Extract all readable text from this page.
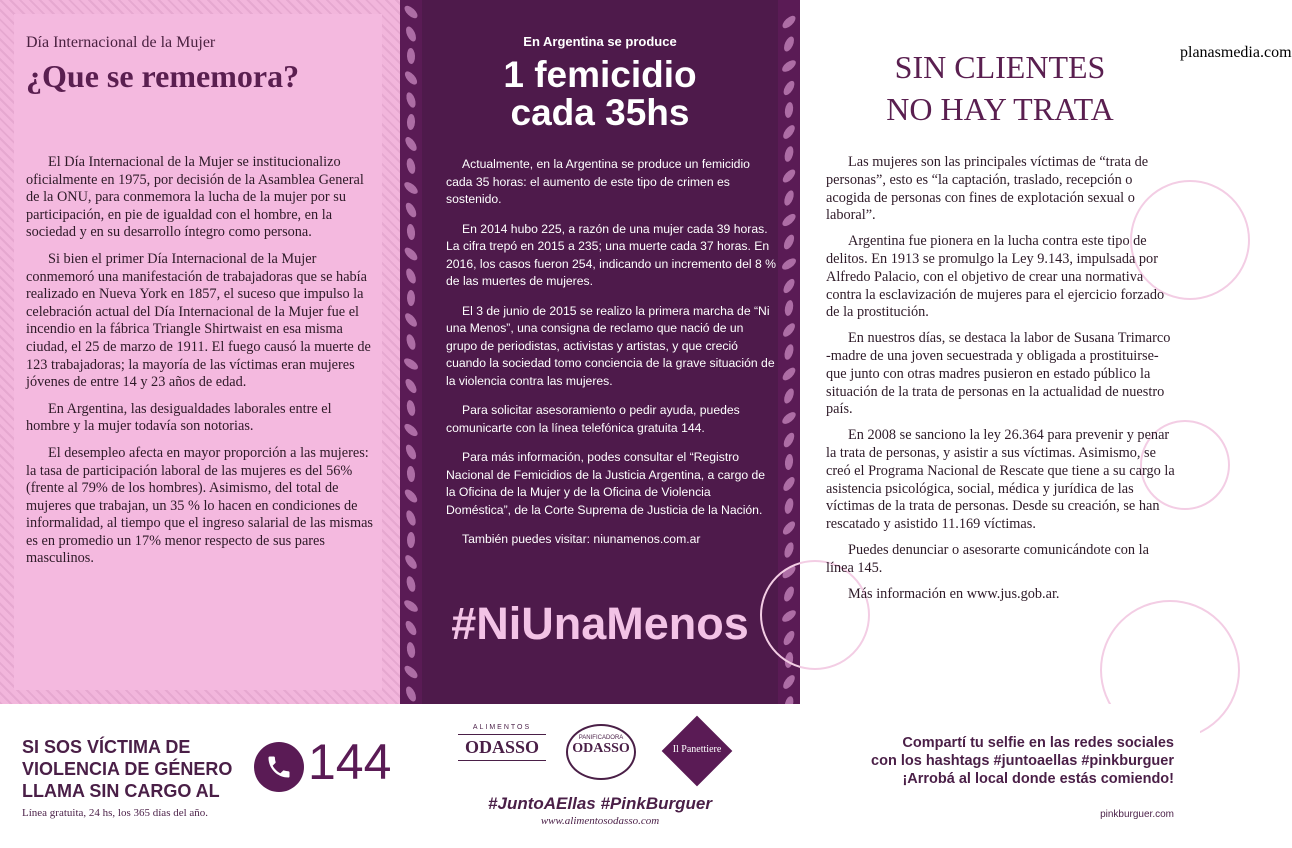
Día Internacional de la Mujer
¿Que se rememora?

El Día Internacional de la Mujer se institucionalizo oficialmente en 1975, por decisión de la Asamblea General de la ONU, para conmemora la lucha de la mujer por su participación, en pie de igualdad con el hombre, en la sociedad y en su desarrollo íntegro como persona.

Si bien el primer Día Internacional de la Mujer conmemoró una manifestación de trabajadoras que se había realizado en Nueva York en 1857, el suceso que impulso la celebración actual del Día Internacional de la Mujer fue el incendio en la fábrica Triangle Shirtwaist en esa misma ciudad, el 25 de marzo de 1911. El fuego causó la muerte de 123 trabajadoras; la mayoría de las víctimas eran mujeres jóvenes de entre 14 y 23 años de edad.

En Argentina, las desigualdades laborales entre el hombre y la mujer todavía son notorias.

El desempleo afecta en mayor proporción a las mujeres: la tasa de participación laboral de las mujeres es del 56% (frente al 79% de los hombres). Asimismo, del total de mujeres que trabajan, un 35 % lo hacen en condiciones de informalidad, al tiempo que el ingreso salarial de las mismas es en promedio un 17% menor respecto de sus pares masculinos.

En Argentina se produce
1 femicidio
cada 35hs

Actualmente, en la Argentina se produce un femicidio cada 35 horas: el aumento de este tipo de crimen es sostenido.

En 2014 hubo 225, a razón de una mujer cada 39 horas. La cifra trepó en 2015 a 235; una muerte cada 37 horas. En 2016, los casos fueron 254, indicando un incremento del 8 % de las muertes de mujeres.

El 3 de junio de 2015 se realizo la primera marcha de “Ni una Menos”, una consigna de reclamo que nació de un grupo de periodistas, activistas y artistas, y que creció cuando la sociedad tomo conciencia de la grave situación de la violencia contra las mujeres.

Para solicitar asesoramiento o pedir ayuda, puedes comunicarte con la línea telefónica gratuita 144.

Para más información, podes consultar el “Registro Nacional de Femicidios de la Justicia Argentina, a cargo de la Oficina de la Mujer y de la Oficina de Violencia Doméstica”, de la Corte Suprema de Justicia de la Nación.

También puedes visitar: niunamenos.com.ar

#NiUnaMenos
SIN CLIENTES
NO HAY TRATA

Las mujeres son las principales víctimas de “trata de personas”, esto es “la captación, traslado, recepción o acogida de personas con fines de explotación sexual o laboral”.

Argentina fue pionera en la lucha contra este tipo de delitos. En 1913 se promulgo la Ley 9.143, impulsada por Alfredo Palacio, con el objetivo de crear una normativa contra la esclavización de mujeres para el ejercicio forzado de la prostitución.

En nuestros días, se destaca la labor de Susana Trimarco -madre de una joven secuestrada y obligada a prostituirse- que junto con otras madres pusieron en estado público la situación de la trata de personas en la actualidad de nuestro país.

En 2008 se sanciono la ley 26.364 para prevenir y penar la trata de personas, y asistir a sus víctimas. Asimismo, se creó el Programa Nacional de Rescate que tiene a su cargo la asistencia psicológica, social, médica y jurídica de las víctimas de la trata de personas. Desde su creación, se han rescatado y asistido 11.169 víctimas.

Puedes denunciar o asesorarte comunicándote con la línea 145.

Más información en www.jus.gob.ar.

planasmedia.com
SI SOS VÍCTIMA DE
VIOLENCIA DE GÉNERO
LLAMA SIN CARGO AL
144
Línea gratuita, 24 hs, los 365 días del año.
ALIMENTOS
ODASSO	PANIFICADORA
ODASSO	Il Panettiere
#JuntoAEllas #PinkBurguer
www.alimentosodasso.com
Compartí tu selfie en las redes sociales
con los hashtags #juntoaellas #pinkburguer
¡Arrobá al local donde estás comiendo!
pinkburguer.com
